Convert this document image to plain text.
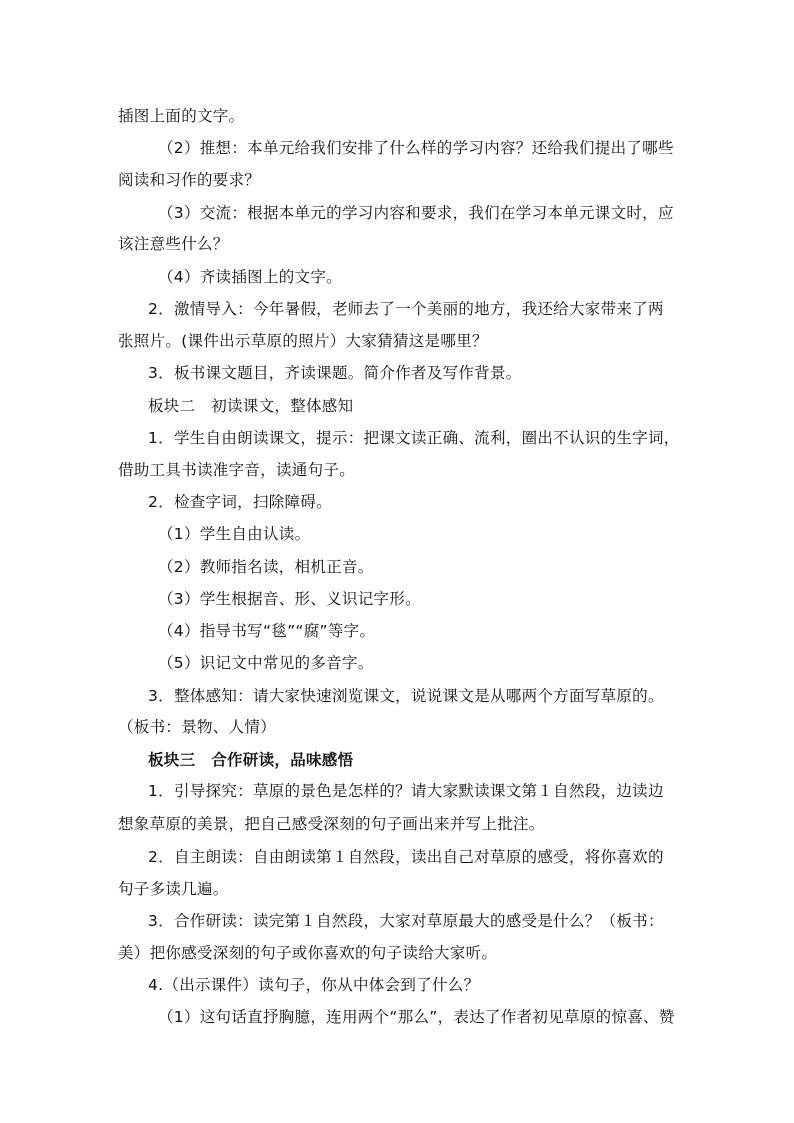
插图上面的文字。
（2）推想：本单元给我们安排了什么样的学习内容？还给我们提出了哪些
阅读和习作的要求？
（3）交流：根据本单元的学习内容和要求，我们在学习本单元课文时，应
该注意些什么？
（4）齐读插图上的文字。
2．激情导入：今年暑假，老师去了一个美丽的地方，我还给大家带来了两
张照片。(课件出示草原的照片）大家猜猜这是哪里？
3．板书课文题目，齐读课题。简介作者及写作背景。
板块二　初读课文，整体感知
1．学生自由朗读课文，提示：把课文读正确、流利，圈出不认识的生字词，
借助工具书读准字音，读通句子。
2．检查字词，扫除障碍。
（1）学生自由认读。
（2）教师指名读，相机正音。
（3）学生根据音、形、义识记字形。
（4）指导书写“毯”“腐”等字。
（5）识记文中常见的多音字。
3．整体感知：请大家快速浏览课文，说说课文是从哪两个方面写草原的。
（板书：景物、人情）
板块三　合作研读，品味感悟
1．引导探究：草原的景色是怎样的？请大家默读课文第１自然段，边读边
想象草原的美景，把自己感受深刻的句子画出来并写上批注。
2．自主朗读：自由朗读第１自然段，读出自己对草原的感受，将你喜欢的
句子多读几遍。
3．合作研读：读完第１自然段，大家对草原最大的感受是什么？（板书：
美）把你感受深刻的句子或你喜欢的句子读给大家听。
4.（出示课件）读句子，你从中体会到了什么？
（1）这句话直抒胸臆，连用两个“那么”，表达了作者初见草原的惊喜、赞
